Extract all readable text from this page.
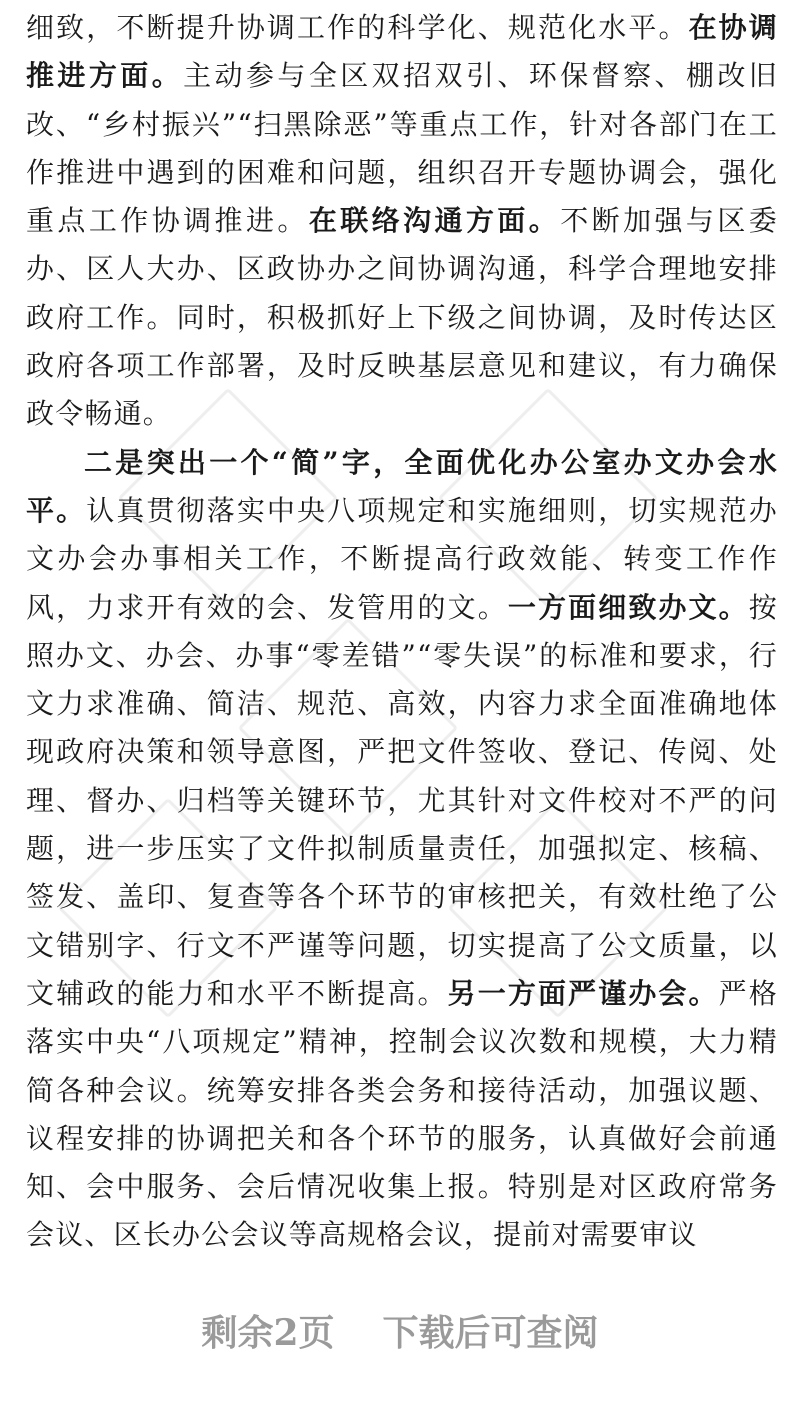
细致，不断提升协调工作的科学化、规范化水平。在协调推进方面。主动参与全区双招双引、环保督察、棚改旧改、“乡村振兴”“扫黑除恶”等重点工作，针对各部门在工作推进中遇到的困难和问题，组织召开专题协调会，强化重点工作协调推进。在联络沟通方面。不断加强与区委办、区人大办、区政协办之间协调沟通，科学合理地安排政府工作。同时，积极抓好上下级之间协调，及时传达区政府各项工作部署，及时反映基层意见和建议，有力确保政令畅通。

二是突出一个“简”字，全面优化办公室办文办会水平。认真贯彻落实中央八项规定和实施细则，切实规范办文办会办事相关工作，不断提高行政效能、转变工作作风，力求开有效的会、发管用的文。一方面细致办文。按照办文、办会、办事“零差错”“零失误”的标准和要求，行文力求准确、简洁、规范、高效，内容力求全面准确地体现政府决策和领导意图，严把文件签收、登记、传阅、处理、督办、归档等关键环节，尤其针对文件校对不严的问题，进一步压实了文件拟制质量责任，加强拟定、核稿、签发、盖印、复查等各个环节的审核把关，有效杜绝了公文错别字、行文不严谨等问题，切实提高了公文质量，以文辅政的能力和水平不断提高。另一方面严谨办会。严格落实中央“八项规定”精神，控制会议次数和规模，大力精简各种会议。统筹安排各类会务和接待活动，加强议题、议程安排的协调把关和各个环节的服务，认真做好会前通知、会中服务、会后情况收集上报。特别是对区政府常务会议、区长办公会议等高规格会议，提前对需要审议

剩余2页 下载后可查阅
